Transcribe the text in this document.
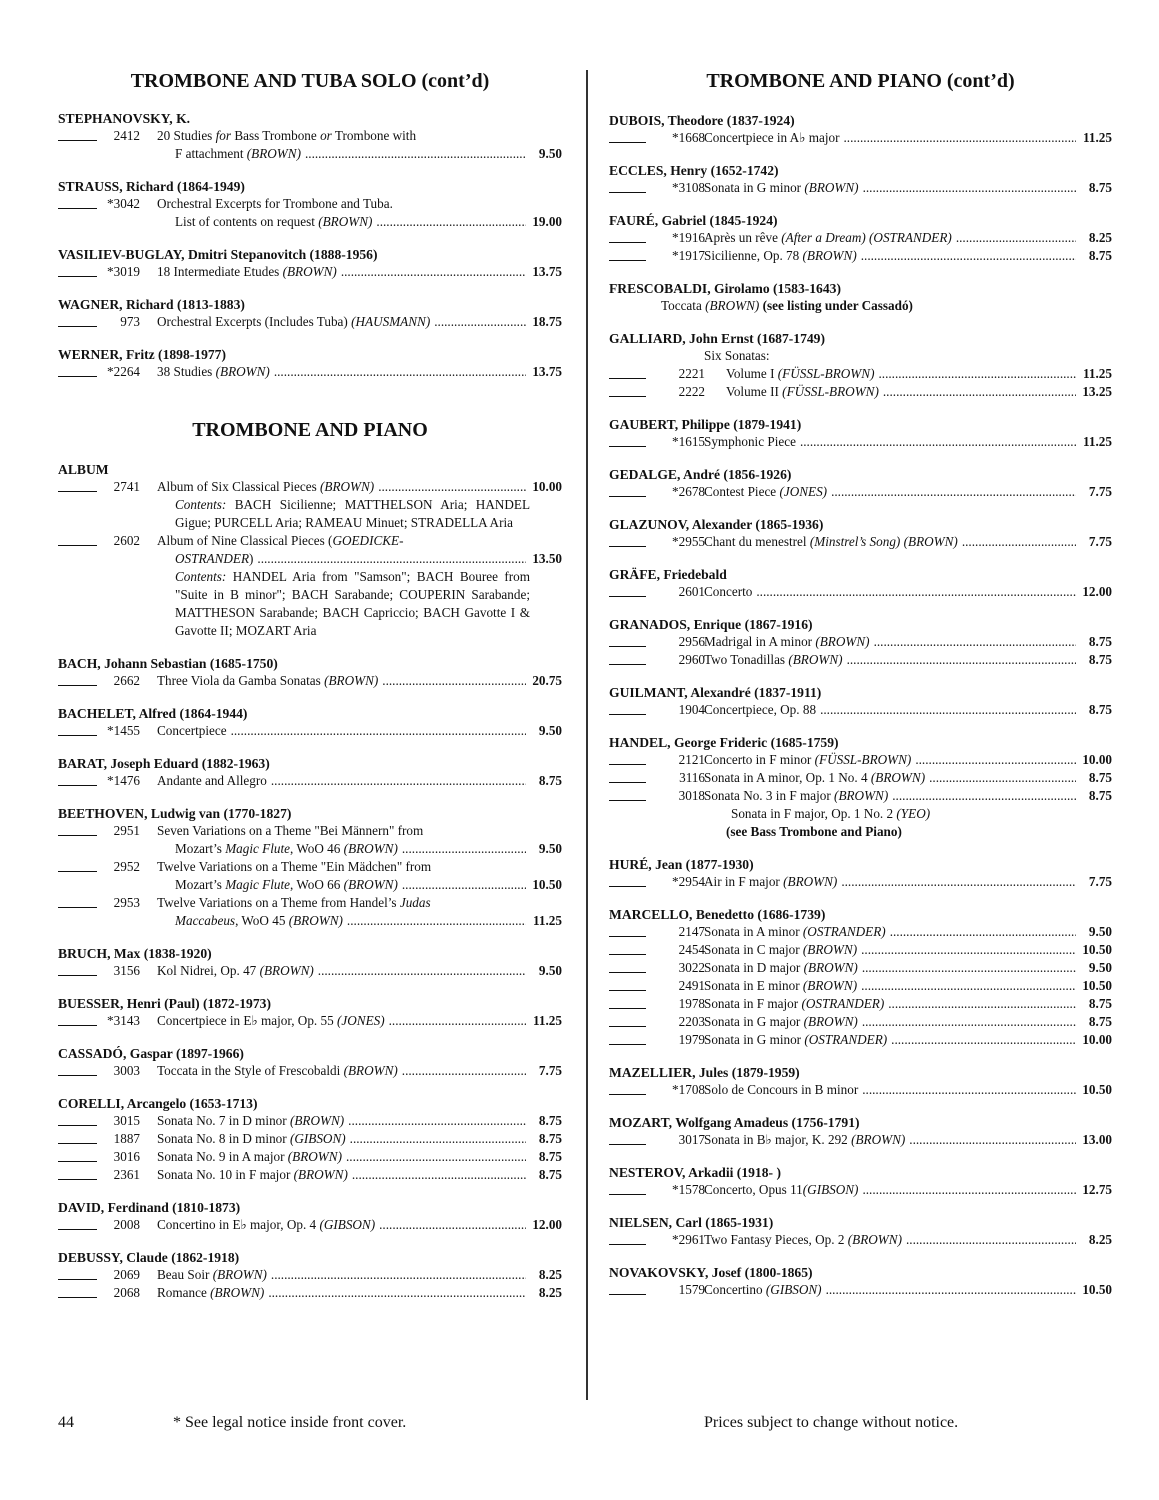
TROMBONE AND TUBA SOLO (cont’d)
STEPHANOVSKY, K.
2412 20 Studies for Bass Trombone or Trombone with
F attachment (BROWN) .....	9.50
STRAUSS, Richard (1864-1949)
*3042 Orchestral Excerpts for Trombone and Tuba.
List of contents on request (BROWN) .....	19.00
VASILIEV-BUGLAY, Dmitri Stepanovitch (1888-1956)
*3019 18 Intermediate Etudes (BROWN) .....	13.75
WAGNER, Richard (1813-1883)
973 Orchestral Excerpts (Includes Tuba) (HAUSMANN) .....	18.75
WERNER, Fritz (1898-1977)
*2264 38 Studies (BROWN) .....	13.75
TROMBONE AND PIANO
ALBUM
2741 Album of Six Classical Pieces (BROWN) .....	10.00
Contents: BACH Sicilienne; MATTHELSON Aria; HANDEL Gigue; PURCELL Aria; RAMEAU Minuet; STRADELLA Aria
2602 Album of Nine Classical Pieces (GOEDICKE-
OSTRANDER) .....	13.50
Contents: HANDEL Aria from "Samson"; BACH Bouree from "Suite in B minor"; BACH Sarabande; COUPERIN Sarabande; MATTHESON Sarabande; BACH Capriccio; BACH Gavotte I & Gavotte II; MOZART Aria
BACH, Johann Sebastian (1685-1750)
2662 Three Viola da Gamba Sonatas (BROWN) .....	20.75
BACHELET, Alfred (1864-1944)
*1455 Concertpiece .....	9.50
BARAT, Joseph Eduard (1882-1963)
*1476 Andante and Allegro .....	8.75
BEETHOVEN, Ludwig van (1770-1827)
2951 Seven Variations on a Theme "Bei Männern" from
Mozart’s Magic Flute, WoO 46 (BROWN) .....	9.50
2952 Twelve Variations on a Theme "Ein Mädchen" from
Mozart’s Magic Flute, WoO 66 (BROWN) .....	10.50
2953 Twelve Variations on a Theme from Handel’s Judas
Maccabeus, WoO 45 (BROWN) .....	11.25
BRUCH, Max (1838-1920)
3156 Kol Nidrei, Op. 47 (BROWN) .....	9.50
BUESSER, Henri (Paul) (1872-1973)
*3143 Concertpiece in E♭ major, Op. 55 (JONES) .....	11.25
CASSADÓ, Gaspar (1897-1966)
3003 Toccata in the Style of Frescobaldi (BROWN) .....	7.75
CORELLI, Arcangelo (1653-1713)
3015 Sonata No. 7 in D minor (BROWN) .....	8.75
1887 Sonata No. 8 in D minor (GIBSON) .....	8.75
3016 Sonata No. 9 in A major (BROWN) .....	8.75
2361 Sonata No. 10 in F major (BROWN) .....	8.75
DAVID, Ferdinand (1810-1873)
2008 Concertino in E♭ major, Op. 4 (GIBSON) .....	12.00
DEBUSSY, Claude (1862-1918)
2069 Beau Soir (BROWN) .....	8.25
2068 Romance (BROWN) .....	8.25
TROMBONE AND PIANO (cont’d)
DUBOIS, Theodore (1837-1924)
*1668 Concertpiece in A♭ major .....	11.25
ECCLES, Henry (1652-1742)
*3108 Sonata in G minor (BROWN) .....	8.75
FAURÉ, Gabriel (1845-1924)
*1916 Après un rêve (After a Dream) (OSTRANDER) .....	8.25
*1917 Sicilienne, Op. 78 (BROWN) .....	8.75
FRESCOBALDI, Girolamo (1583-1643)
Toccata (BROWN) (see listing under Cassadó)
GALLIARD, John Ernst (1687-1749)
Six Sonatas:
2221 Volume I (FÜSSL-BROWN) .....	11.25
2222 Volume II (FÜSSL-BROWN) .....	13.25
GAUBERT, Philippe (1879-1941)
*1615 Symphonic Piece .....	11.25
GEDALGE, André (1856-1926)
*2678 Contest Piece (JONES) .....	7.75
GLAZUNOV, Alexander (1865-1936)
*2955 Chant du menestrel (Minstrel’s Song) (BROWN) .....	7.75
GRÄFE, Friedebald
2601 Concerto .....	12.00
GRANADOS, Enrique (1867-1916)
2956 Madrigal in A minor (BROWN) .....	8.75
2960 Two Tonadillas (BROWN) .....	8.75
GUILMANT, Alexandré (1837-1911)
1904 Concertpiece, Op. 88 .....	8.75
HANDEL, George Frideric (1685-1759)
2121 Concerto in F minor (FÜSSL-BROWN) .....	10.00
3116 Sonata in A minor, Op. 1 No. 4 (BROWN) .....	8.75
3018 Sonata No. 3 in F major (BROWN) .....	8.75
Sonata in F major, Op. 1 No. 2 (YEO)
(see Bass Trombone and Piano)
HURÉ, Jean (1877-1930)
*2954 Air in F major (BROWN) .....	7.75
MARCELLO, Benedetto (1686-1739)
2147 Sonata in A minor (OSTRANDER) .....	9.50
2454 Sonata in C major (BROWN) .....	10.50
3022 Sonata in D major (BROWN) .....	9.50
2491 Sonata in E minor (BROWN) .....	10.50
1978 Sonata in F major (OSTRANDER) .....	8.75
2203 Sonata in G major (BROWN) .....	8.75
1979 Sonata in G minor (OSTRANDER) .....	10.00
MAZELLIER, Jules (1879-1959)
*1708 Solo de Concours in B minor .....	10.50
MOZART, Wolfgang Amadeus (1756-1791)
3017 Sonata in B♭ major, K. 292 (BROWN) .....	13.00
NESTEROV, Arkadii (1918- )
*1578 Concerto, Opus 11(GIBSON) .....	12.75
NIELSEN, Carl (1865-1931)
*2961 Two Fantasy Pieces, Op. 2 (BROWN) .....	8.25
NOVAKOVSKY, Josef (1800-1865)
1579 Concertino (GIBSON) .....	10.50
44	* See legal notice inside front cover.	Prices subject to change without notice.
